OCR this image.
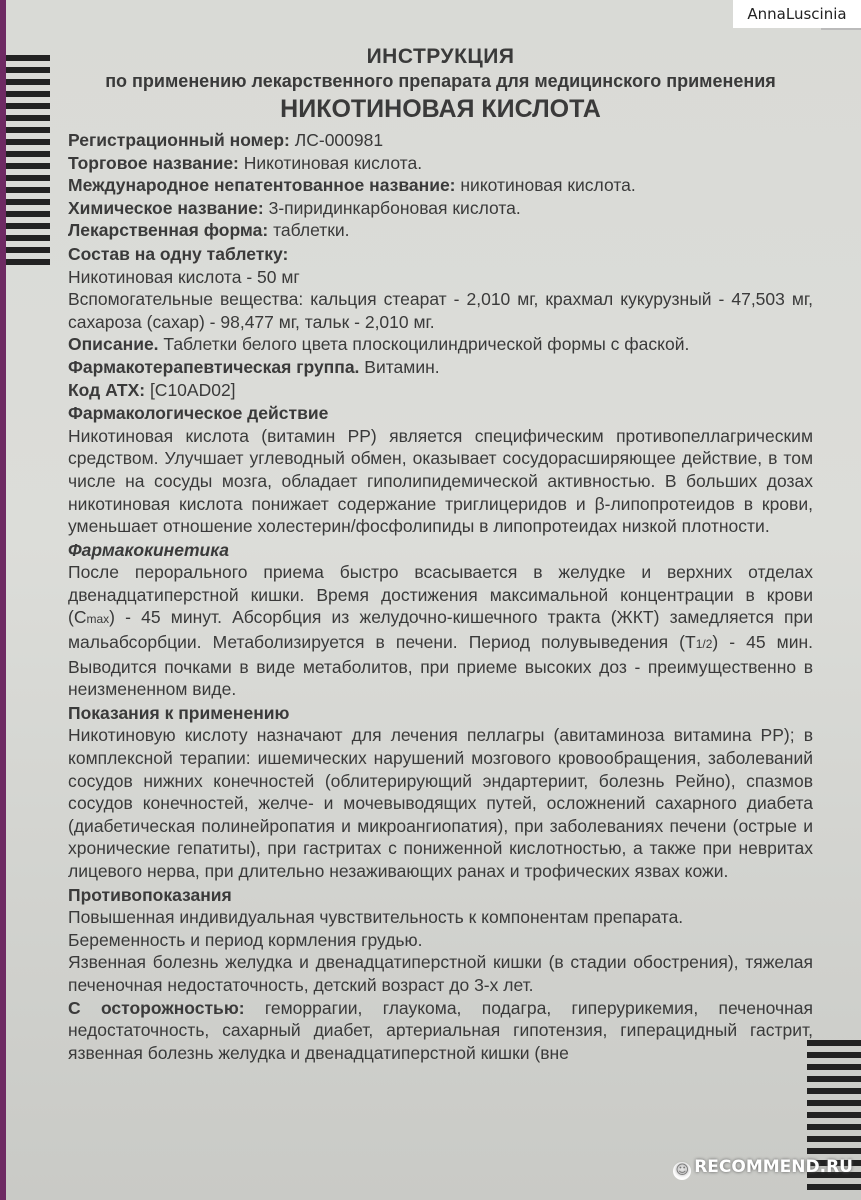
ИНСТРУКЦИЯ
по применению лекарственного препарата для медицинского применения
НИКОТИНОВАЯ КИСЛОТА

Регистрационный номер: ЛС-000981

Торговое название: Никотиновая кислота.

Международное непатентованное название: никотиновая кислота.

Химическое название: 3-пиридинкарбоновая кислота.

Лекарственная форма: таблетки.

Состав на одну таблетку:

Никотиновая кислота - 50 мг

Вспомогательные вещества: кальция стеарат - 2,010 мг, крахмал кукурузный - 47,503 мг, сахароза (сахар) - 98,477 мг, тальк - 2,010 мг.

Описание. Таблетки белого цвета плоскоцилиндрической формы с фаской.

Фармакотерапевтическая группа. Витамин.

Код АТХ: [С10AD02]

Фармакологическое действие

Никотиновая кислота (витамин PP) является специфическим противопеллагрическим средством. Улучшает углеводный обмен, оказывает сосудорасширяющее действие, в том числе на сосуды мозга, обладает гиполипидемической активностью. В больших дозах никотиновая кислота понижает содержание триглицеридов и β-липопротеидов в крови, уменьшает отношение холестерин/фосфолипиды в липопротеидах низкой плотности.

Фармакокинетика

После перорального приема быстро всасывается в желудке и верхних отделах двенадцатиперстной кишки. Время достижения максимальной концентрации в крови (Cmax) - 45 минут. Абсорбция из желудочно-кишечного тракта (ЖКТ) замедляется при мальабсорбции. Метаболизируется в печени. Период полувыведения (T1/2) - 45 мин. Выводится почками в виде метаболитов, при приеме высоких доз - преимущественно в неизмененном виде.

Показания к применению

Никотиновую кислоту назначают для лечения пеллагры (авитаминоза витамина PP); в комплексной терапии: ишемических нарушений мозгового кровообращения, заболеваний сосудов нижних конечностей (облитерирующий эндартериит, болезнь Рейно), спазмов сосудов конечностей, желче- и мочевыводящих путей, осложнений сахарного диабета (диабетическая полинейропатия и микроангиопатия), при заболеваниях печени (острые и хронические гепатиты), при гастритах с пониженной кислотностью, а также при невритах лицевого нерва, при длительно незаживающих ранах и трофических язвах кожи.

Противопоказания

Повышенная индивидуальная чувствительность к компонентам препарата.

Беременность и период кормления грудью.

Язвенная болезнь желудка и двенадцатиперстной кишки (в стадии обострения), тяжелая печеночная недостаточность, детский возраст до 3-х лет.

С осторожностью: геморрагии, глаукома, подагра, гиперурикемия, печеночная недостаточность, сахарный диабет, артериальная гипотензия, гиперацидный гастрит, язвенная болезнь желудка и двенадцатиперстной кишки (вне

AnnaLuscinia
☺ RECOMMEND.RU
